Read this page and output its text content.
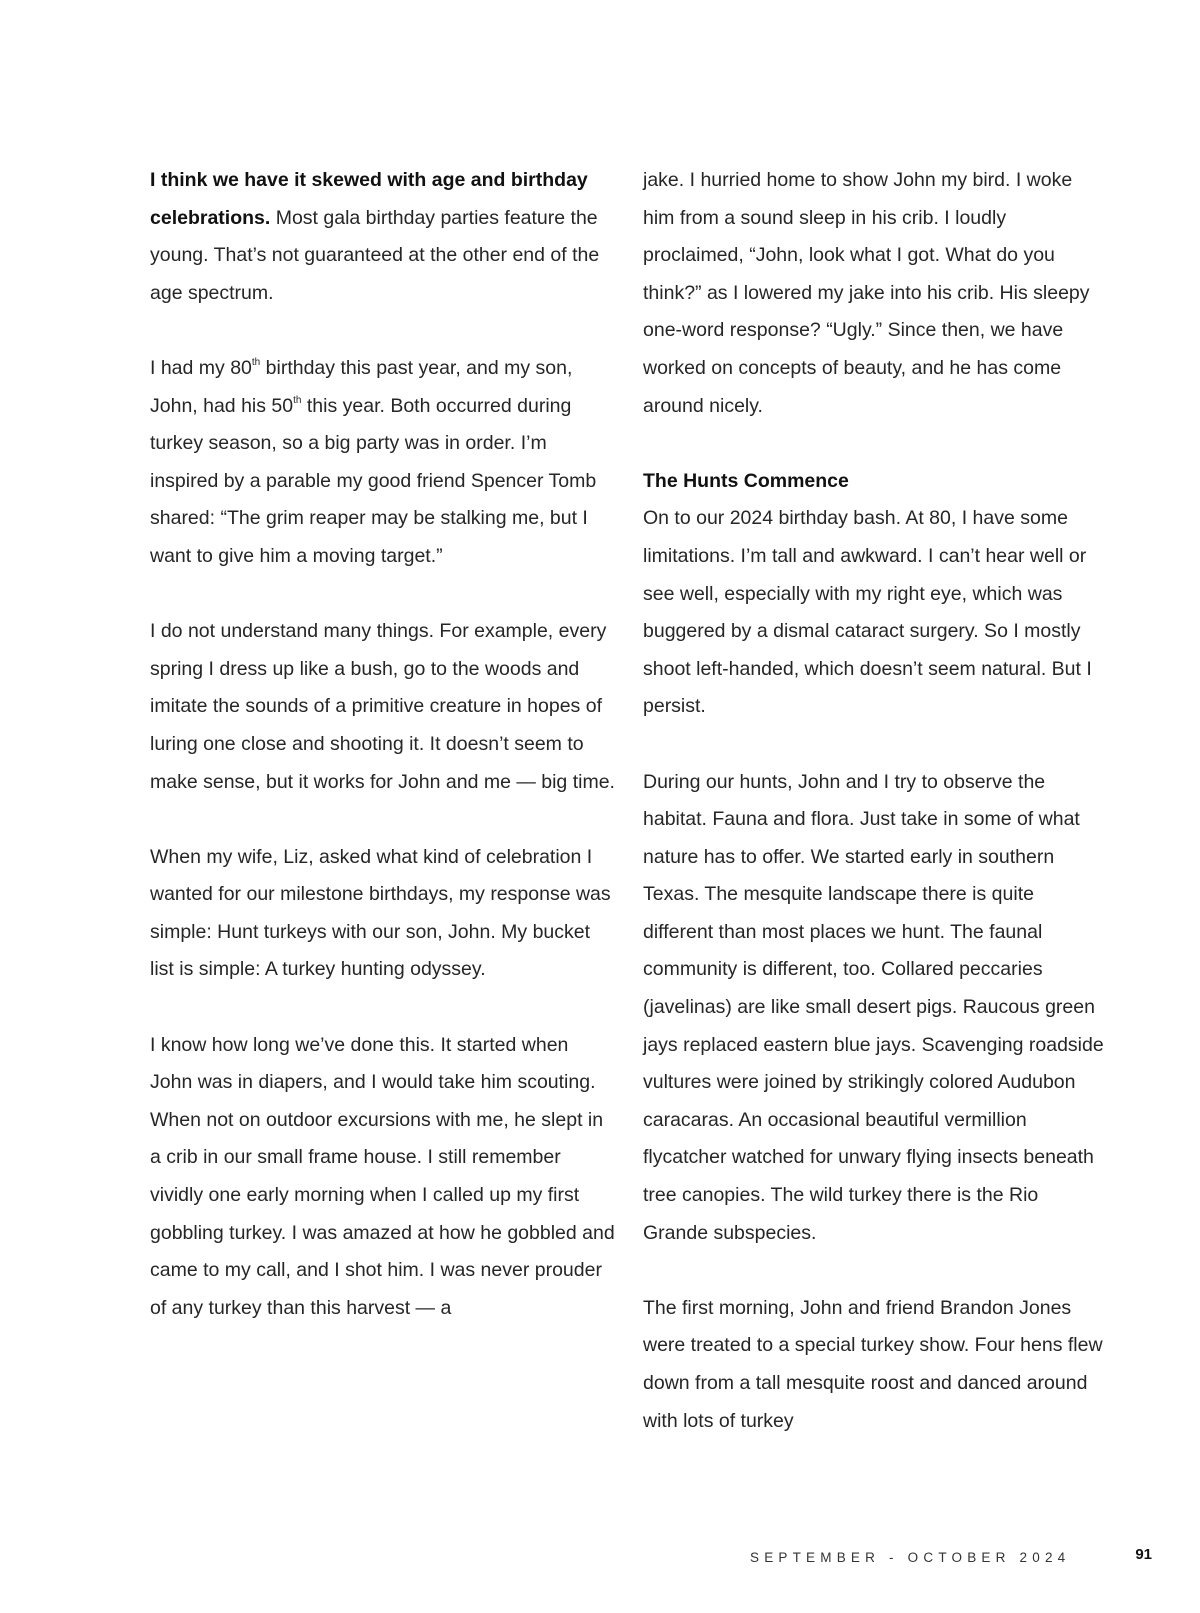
I think we have it skewed with age and birthday celebrations. Most gala birthday parties feature the young. That’s not guaranteed at the other end of the age spectrum.

I had my 80th birthday this past year, and my son, John, had his 50th this year. Both occurred during turkey season, so a big party was in order. I’m inspired by a parable my good friend Spencer Tomb shared: “The grim reaper may be stalking me, but I want to give him a moving target.”

I do not understand many things. For example, every spring I dress up like a bush, go to the woods and imitate the sounds of a primitive creature in hopes of luring one close and shooting it. It doesn’t seem to make sense, but it works for John and me — big time.

When my wife, Liz, asked what kind of celebration I wanted for our milestone birthdays, my response was simple: Hunt turkeys with our son, John. My bucket list is simple: A turkey hunting odyssey.

I know how long we’ve done this. It started when John was in diapers, and I would take him scouting. When not on outdoor excursions with me, he slept in a crib in our small frame house. I still remember vividly one early morning when I called up my first gobbling turkey. I was amazed at how he gobbled and came to my call, and I shot him. I was never prouder of any turkey than this harvest — a

jake. I hurried home to show John my bird. I woke him from a sound sleep in his crib. I loudly proclaimed, “John, look what I got. What do you think?” as I lowered my jake into his crib. His sleepy one-word response? “Ugly.” Since then, we have worked on concepts of beauty, and he has come around nicely.

The Hunts Commence
On to our 2024 birthday bash. At 80, I have some limitations. I’m tall and awkward. I can’t hear well or see well, especially with my right eye, which was buggered by a dismal cataract surgery. So I mostly shoot left-handed, which doesn’t seem natural. But I persist.

During our hunts, John and I try to observe the habitat. Fauna and flora. Just take in some of what nature has to offer. We started early in southern Texas. The mesquite landscape there is quite different than most places we hunt. The faunal community is different, too. Collared peccaries (javelinas) are like small desert pigs. Raucous green jays replaced eastern blue jays. Scavenging roadside vultures were joined by strikingly colored Audubon caracaras. An occasional beautiful vermillion flycatcher watched for unwary flying insects beneath tree canopies. The wild turkey there is the Rio Grande subspecies.

The first morning, John and friend Brandon Jones were treated to a special turkey show. Four hens flew down from a tall mesquite roost and danced around with lots of turkey

SEPTEMBER - OCTOBER 2024	91
